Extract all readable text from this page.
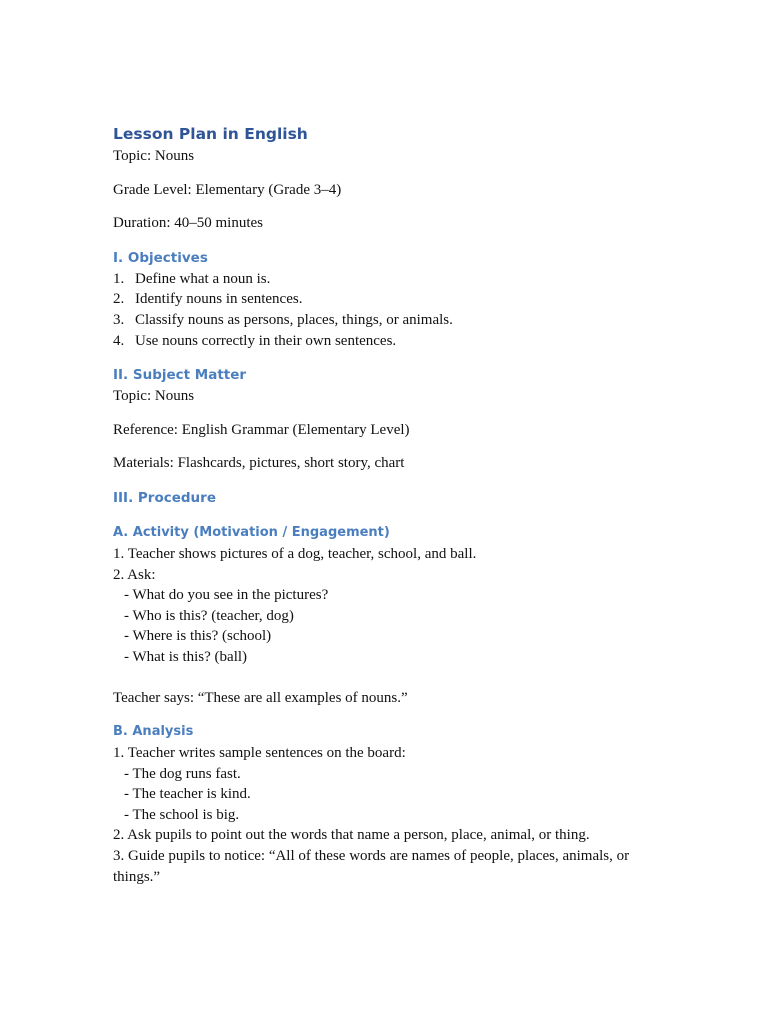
Lesson Plan in English

Topic: Nouns

Grade Level: Elementary (Grade 3–4)

Duration: 40–50 minutes

I. Objectives
1. Define what a noun is.
2. Identify nouns in sentences.
3. Classify nouns as persons, places, things, or animals.
4. Use nouns correctly in their own sentences.
II. Subject Matter

Topic: Nouns

Reference: English Grammar (Elementary Level)

Materials: Flashcards, pictures, short story, chart

III. Procedure
A. Activity (Motivation / Engagement)

1. Teacher shows pictures of a dog, teacher, school, and ball.

2. Ask:

- What do you see in the pictures?

- Who is this? (teacher, dog)

- Where is this? (school)

- What is this? (ball)

Teacher says: “These are all examples of nouns.”

B. Analysis

1. Teacher writes sample sentences on the board:

- The dog runs fast.

- The teacher is kind.

- The school is big.

2. Ask pupils to point out the words that name a person, place, animal, or thing.

3. Guide pupils to notice: “All of these words are names of people, places, animals, or things.”
